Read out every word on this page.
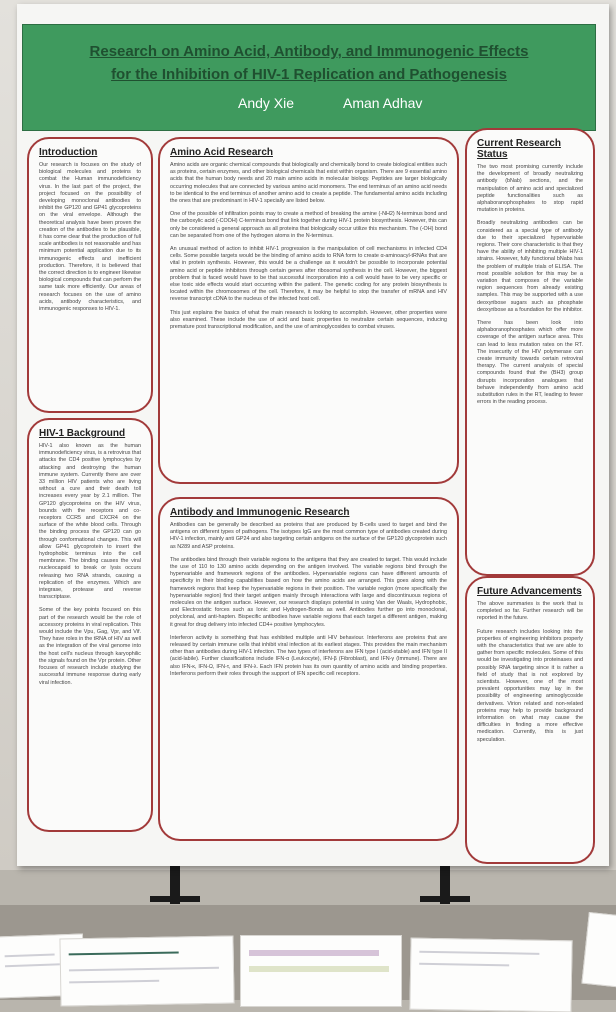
Research on Amino Acid, Antibody, and Immunogenic Effects
for the Inhibition of HIV-1 Replication and Pathogenesis
Andy Xie	Aman Adhav
Introduction

Our research is focuses on the study of biological molecules and proteins to combat the Human immunodeficiency virus. In the last part of the project, the project focused on the possibility of developing monoclonal antibodies to inhibit the GP120 and GP41 glycoproteins on the viral envelope. Although the theoretical analysis have been proven the creation of the antibodies to be plausible, it has come clear that the production of full scale antibodies is not reasonable and has minimum potential application due to its immunogenic effects and inefficient production. Therefore, it is believed that the correct direction is to engineer likewise biological compounds that can perform the same task more efficiently. Our areas of research focuses on the use of amino acids, antibody characteristics, and immunogenic responses to HIV-1.

HIV-1 Background

HIV-1 also known as the human immunodeficiency virus, is a retrovirus that attacks the CD4 positive lymphocytes by attacking and destroying the human immune system. Currently there are over 33 million HIV patients who are living without a cure and their death toll increases every year by 2.1 million. The GP120 glycoproteins on the HIV virus, bounds with the receptors and co-receptors CCR5 and CXCR4 on the surface of the white blood cells. Through the binding process the GP120 can go through conformational changes. This will allow GP41 glycoprotein to insert the hydrophobic terminus into the cell membrane. The binding causes the viral nucleocapsid to break or lysis occurs releasing two RNA strands, causing a replication of the enzymes. Which are integrase, protease and reverse transcriptase.

Some of the key points focused on this part of the research would be the role of accessory proteins in viral replication. This would include the Vpu, Gag, Vpr, and Vif. They have roles in the tRNA of HIV as well as the integration of the viral genome into the host cell's nucleus through karyophilic the signals found on the Vpr protein. Other focuses of research include studying the successful immune response during early viral infection.

Amino Acid Research

Amino acids are organic chemical compounds that biologically and chemically bond to create biological entities such as proteins, certain enzymes, and other biological chemicals that exist within organism. There are 9 essential amino acids that the human body needs and 20 main amino acids in molecular biology. Peptides are larger biologically occurring molecules that are connected by various amino acid monomers. The end terminus of an amino acid needs to be identical to the end terminus of another amino acid to create a peptide. The fundamental amino acids including the ones that are predominant in HIV-1 specially are listed below.

One of the possible of infiltration points may to create a method of breaking the amine (-NH2) N-terminus bond and the carboxylic acid (-COOH) C-terminus bond that link together during HIV-1 protein biosynthesis. However, this can only be considered a general approach as all proteins that biologically occur utilize this mechanism. The (-OH) bond can be separated from one of the hydrogen atoms in the N-terminus.

An unusual method of action to inhibit HIV-1 progression is the manipulation of cell mechanisms in infected CD4 cells. Some possible targets would be the binding of amino acids to RNA form to create α-aminoacyl-tRNAs that are vital in protein synthesis. However, this would be a challenge as it wouldn't be possible to incorporate potential amino acid or peptide inhibitors through certain genes after ribosomal synthesis in the cell. However, the biggest problem that is faced would have to be that successful incorporation into a cell would have to be very specific or else toxic side effects would start occurring within the patient. The genetic coding for any protein biosynthesis is located within the chromosomes of the cell. Therefore, it may be helpful to stop the transfer of mRNA and HIV reverse transcript cDNA to the nucleus of the infected host cell.

This just explains the basics of what the main research is looking to accomplish. However, other properties were also examined. These include the use of acid and basic properties to neutralize certain sequences, inducing premature post transcriptional modification, and the use of aminoglycosides to combat viruses.

Antibody and Immunogenic Research

Antibodies can be generally be described as proteins that are produced by B-cells used to target and bind the antigens on different types of pathogens. The isotypes IgG are the most common type of antibodies created during HIV-1 infection, mainly anti GP24 and also targeting certain antigens on the surface of the GP120 glycoprotein such as N289 and ASP proteins.

The antibodies bind through their variable regions to the antigens that they are created to target. This would include the use of 110 to 130 amino acids depending on the antigen involved. The variable regions bind through the hypervariable and framework regions of the antibodies. Hypervariable regions can have different amounts of specificity in their binding capabilities based on how the amino acids are arranged. This goes along with the framework regions that keep the hypervariable regions in their position. The variable region (more specifically the hypervariable region) find their target antigen mainly through interactions with large and discontinuous regions of molecules on the antigen surface. However, our research displays potential in using Van der Waals, Hydrophobic, and Electrostatic forces such as Ionic and Hydrogen-Bonds as well. Antibodies further go into monoclonal, polyclonal, and anti-hapten. Bispecific antibodies have variable regions that each target a different antigen, making it great for drug delivery into infected CD4+ positive lymphocytes.

Interferon activity is something that has exhibited multiple anti HIV behaviour. Interferons are proteins that are released by certain immune cells that inhibit viral infection at its earliest stages. This provides the main mechanism other than antibodies during HIV-1 infection. The two types of interferons are IFN type I (acid-stable) and IFN type II (acid-labile). Further classifications include IFN-α (Leukocyte), IFN-β (Fibroblast), and IFN-γ (Immune). There are also IFN-κ, IFN-Ω, IFN-τ, and IFN-λ. Each IFN protein has its own quantity of amino acids and binding properties. Interferons perform their roles through the support of IFN specific cell receptors.

Current Research Status

The two most promising currently include the development of broadly neutralizing antibody (bNab) sections, and the manipulation of amino acid and specialized peptide functionalities such as alphaboranophosphates to stop rapid mutation in proteins.

Broadly neutralizing antibodies can be considered as a special type of antibody due to their specialized hypervariable regions. Their core characteristic is that they have the ability of inhibiting multiple HIV-1 strains. However, fully functional bNabs has the problem of multiple trials of ELISA. The most possible solution for this may be a variation that composes of the variable region sequences from already existing samples. This may be supported with a use deoxyribose sugars such as phosphate deoxyribose as a foundation for the inhibitor.

There has been look into alphaboranophosphates which offer more coverage of the antigen surface area. This can lead to less mutation rates on the RT. The insecurity of the HIV polymerase can create immunity towards certain retroviral therapy. The current analysis of special compounds found that the (BH3) group disrupts incorporation analogues that behave independently from amino acid substitution rules in the RT, leading to fewer errors in the reading process.

Future Advancements

The above summaries is the work that is completed so far. Further research will be reported in the future.

Future research includes looking into the properties of engineering inhibitors properly with the characteristics that we are able to gather from specific molecules. Some of this would be investigating into proteinases and possibly RNA targeting since it is rather a field of study that is not explored by scientists. However, one of the most prevalent opportunities may lay in the possibility of engineering aminoglycoside derivatives. Virion related and non-related proteins may help to provide background information on what may cause the difficulties in finding a more effective medication. Currently, this is just speculation.
